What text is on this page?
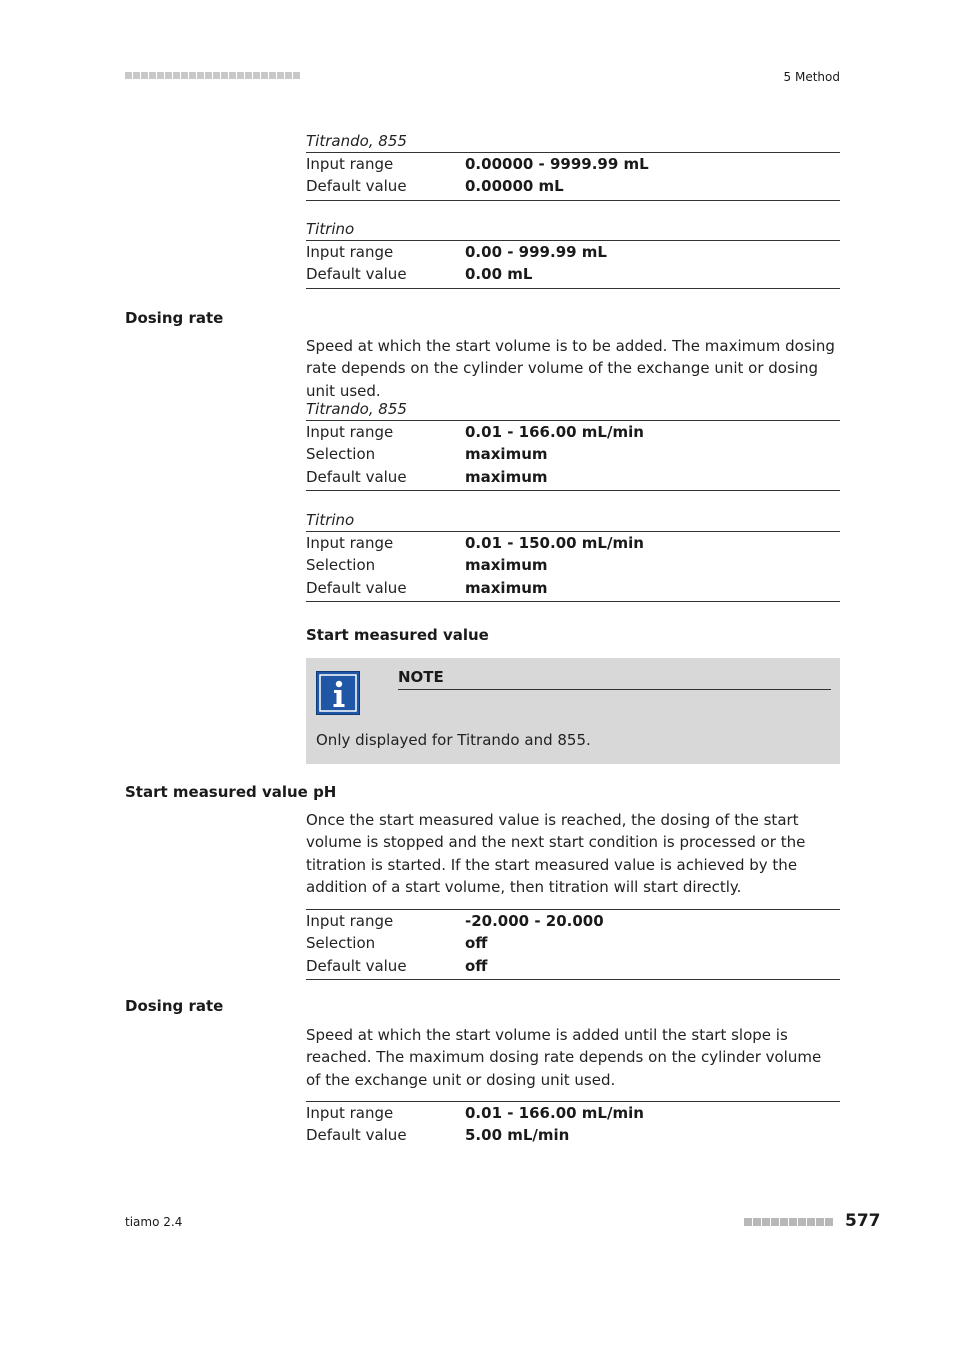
5 Method
Titrando, 855
Input range	0.00000 - 9999.99 mL
Default value	0.00000 mL
Titrino
Input range	0.00 - 999.99 mL
Default value	0.00 mL
Dosing rate
Speed at which the start volume is to be added. The maximum dosing rate depends on the cylinder volume of the exchange unit or dosing unit used.
Titrando, 855
Input range	0.01 - 166.00 mL/min
Selection	maximum
Default value	maximum
Titrino
Input range	0.01 - 150.00 mL/min
Selection	maximum
Default value	maximum
Start measured value
NOTE
Only displayed for Titrando and 855.
Start measured value pH
Once the start measured value is reached, the dosing of the start volume is stopped and the next start condition is processed or the titration is started. If the start measured value is achieved by the addition of a start volume, then titration will start directly.
Input range	-20.000 - 20.000
Selection	off
Default value	off
Dosing rate
Speed at which the start volume is added until the start slope is reached. The maximum dosing rate depends on the cylinder volume of the exchange unit or dosing unit used.
Input range	0.01 - 166.00 mL/min
Default value	5.00 mL/min
tiamo 2.4	577
